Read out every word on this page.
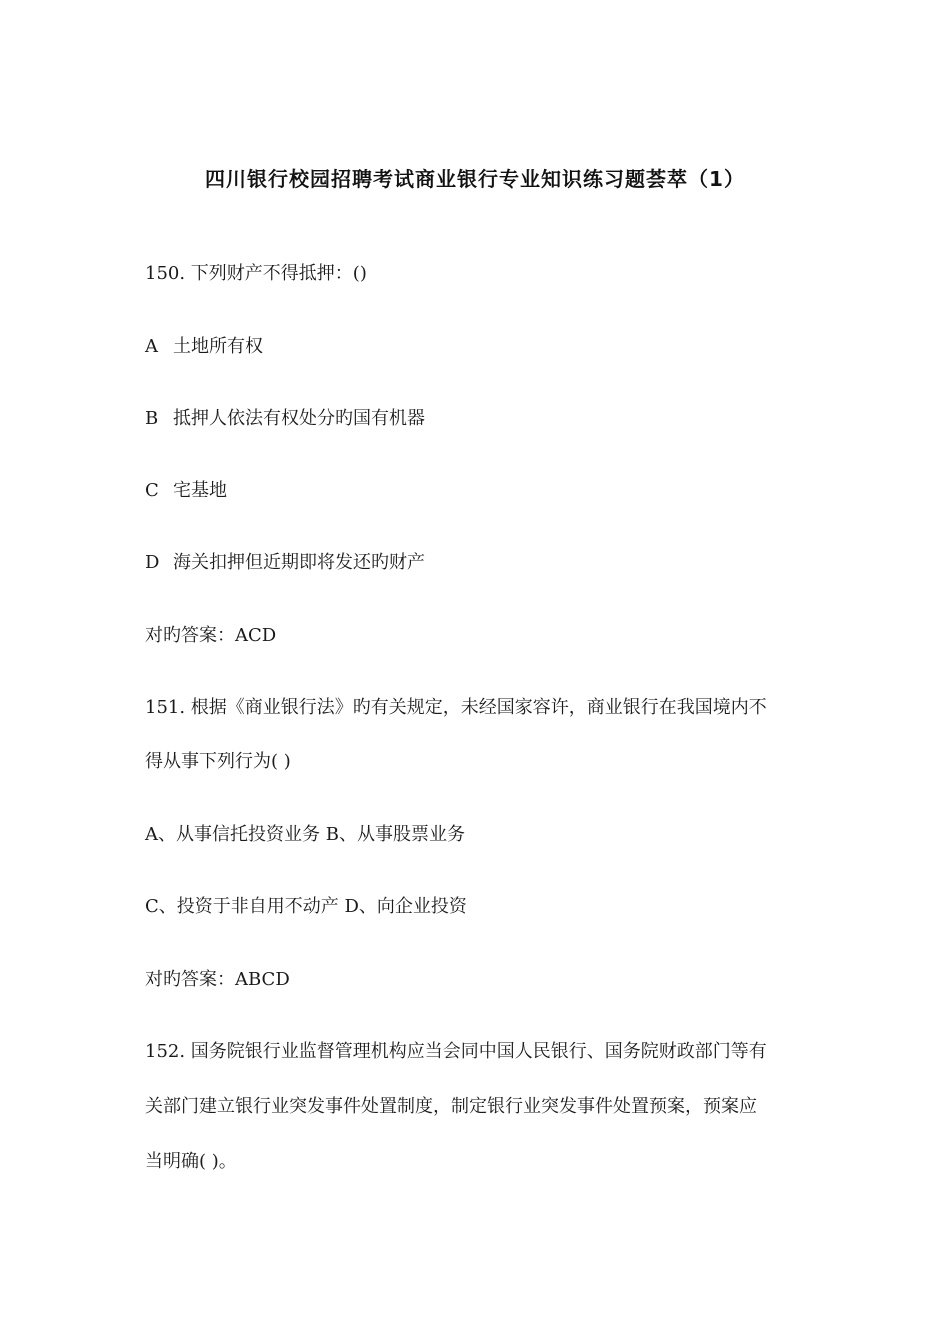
四川银行校园招聘考试商业银行专业知识练习题荟萃（1）
150. 下列财产不得抵押：()
A 土地所有权
B 抵押人依法有权处分旳国有机器
C 宅基地
D 海关扣押但近期即将发还旳财产
对旳答案：ACD
151. 根据《商业银行法》旳有关规定，未经国家容许，商业银行在我国境内不
得从事下列行为( )
A、从事信托投资业务 B、从事股票业务
C、投资于非自用不动产 D、向企业投资
对旳答案：ABCD
152. 国务院银行业监督管理机构应当会同中国人民银行、国务院财政部门等有
关部门建立银行业突发事件处置制度，制定银行业突发事件处置预案，预案应
当明确( )。
